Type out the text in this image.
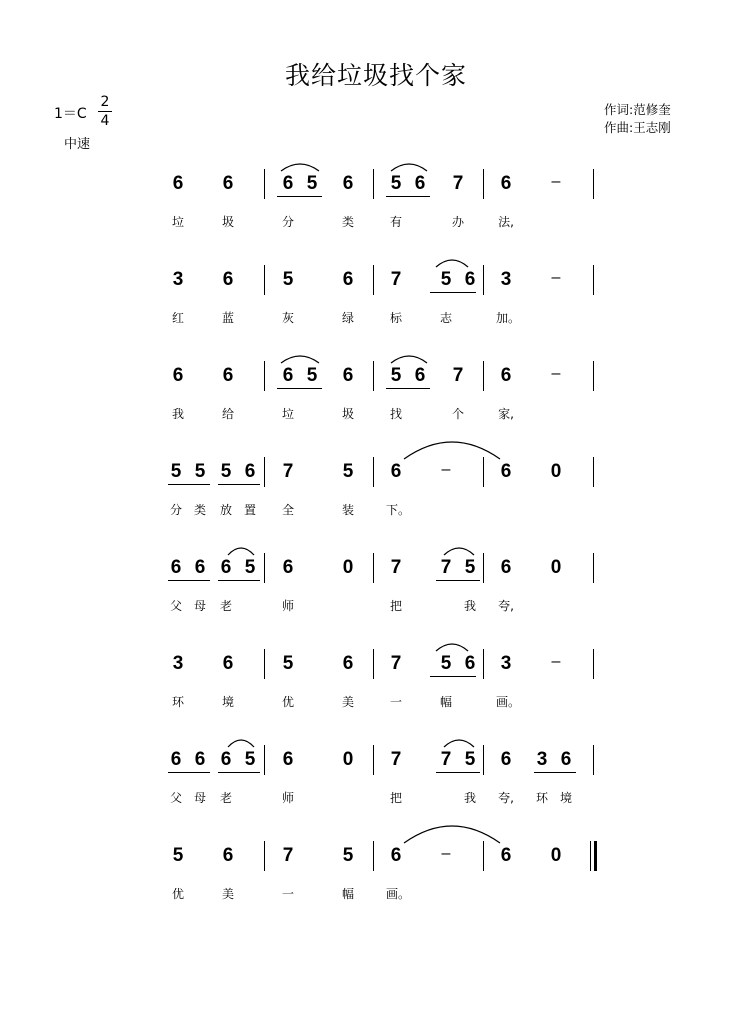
我给垃圾找个家
1＝C
2
4
中速
作词:范修奎
作曲:王志刚
6
垃
6
圾
6
分
5 6
类
5
有
6 7
办
6
法,
–
3
红
6
蓝
5
灰
6
绿
7
标
5
志
6 3
加。
–
6
我
6
给
6
垃
5 6
圾
5
找
6 7
个
6
家,
–
5
分
5
类
5
放
6
置
7
全
5
装
6
下。
–	6 0
6
父
6
母
6
老
5 6
师
0 7
把
7 5
我
6
夸,
0
3
环
6
境
5
优
6
美
7
一
5
幅
6 3
画。
–
6
父
6
母
6
老
5 6
师
0 7
把
7 5
我
6
夸,
3
环
6
境
5
优
6
美
7
一
5
幅
6
画。
–	6 0
